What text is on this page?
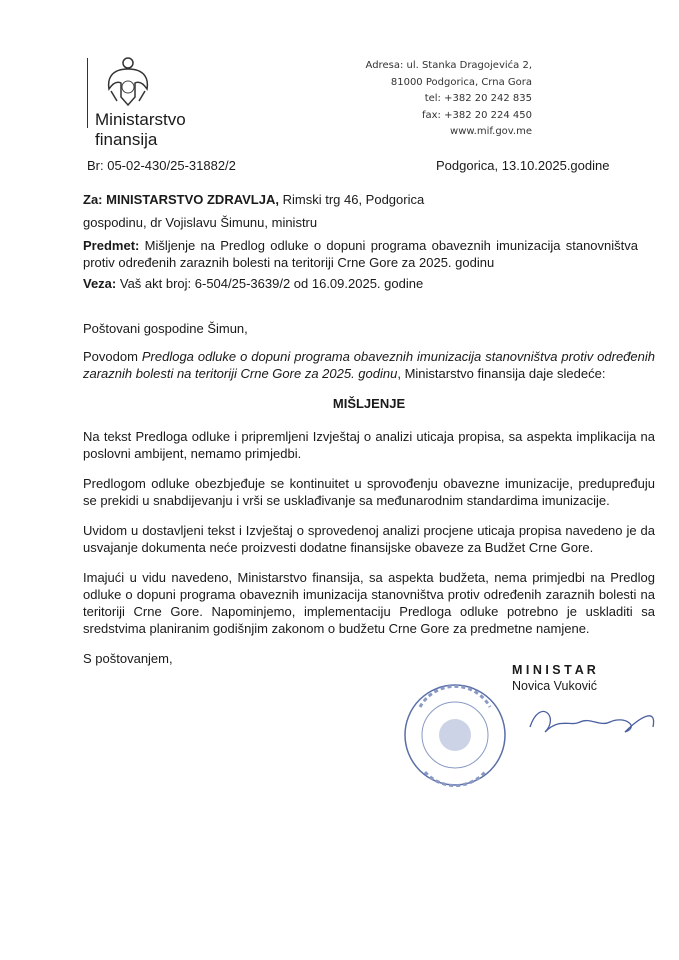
Ministarstvo
finansija
Adresa: ul. Stanka Dragojevića 2,
81000 Podgorica, Crna Gora
tel: +382 20 242 835
fax: +382 20 224 450
www.mif.gov.me
Br: 05-02-430/25-31882/2	Podgorica, 13.10.2025.godine
Za: MINISTARSTVO ZDRAVLJA, Rimski trg 46, Podgorica
gospodinu, dr Vojislavu Šimunu, ministru
Predmet: Mišljenje na Predlog odluke o dopuni programa obaveznih imunizacija stanovništva protiv određenih zaraznih bolesti na teritoriji Crne Gore za 2025. godinu
Veza: Vaš akt broj: 6-504/25-3639/2 od 16.09.2025. godine
Poštovani gospodine Šimun,
Povodom Predloga odluke o dopuni programa obaveznih imunizacija stanovništva protiv određenih zaraznih bolesti na teritoriji Crne Gore za 2025. godinu, Ministarstvo finansija daje sledeće:
MIŠLJENJE
Na tekst Predloga odluke i pripremljeni Izvještaj o analizi uticaja propisa, sa aspekta implikacija na poslovni ambijent, nemamo primjedbi.
Predlogom odluke obezbjeđuje se kontinuitet u sprovođenju obavezne imunizacije, predupređuju se prekidi u snabdijevanju i vrši se usklađivanje sa međunarodnim standardima imunizacije.
Uvidom u dostavljeni tekst i Izvještaj o sprovedenoj analizi procjene uticaja propisa navedeno je da usvajanje dokumenta neće proizvesti dodatne finansijske obaveze za Budžet Crne Gore.
Imajući u vidu navedeno, Ministarstvo finansija, sa aspekta budžeta, nema primjedbi na Predlog odluke o dopuni programa obaveznih imunizacija stanovništva protiv određenih zaraznih bolesti na teritoriji Crne Gore. Napominjemo, implementaciju Predloga odluke potrebno je uskladiti sa sredstvima planiranim godišnjim zakonom o budžetu Crne Gore za predmetne namjene.
S poštovanjem,
M I N I S T A R
Novica Vuković
